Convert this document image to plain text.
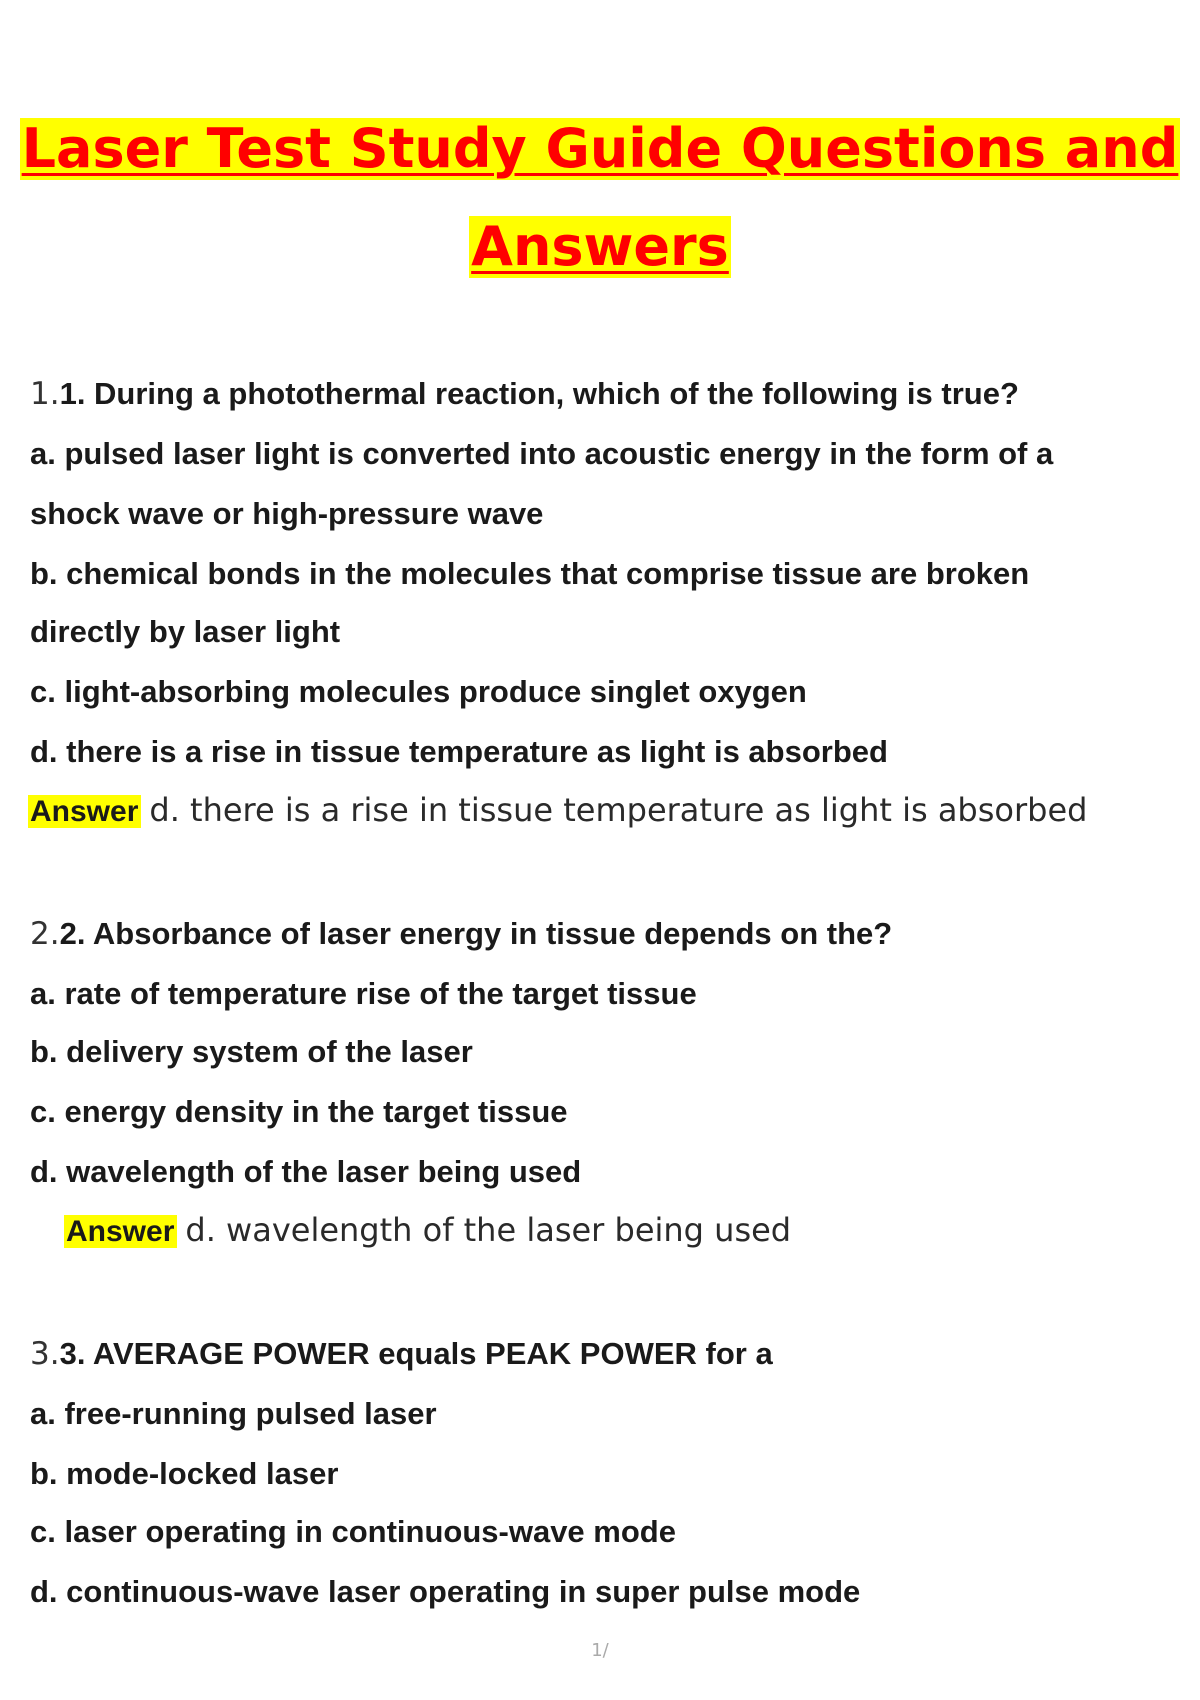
Laser Test Study Guide Questions and
Answers
1.1. During a photothermal reaction, which of the following is true?
a. pulsed laser light is converted into acoustic energy in the form of a
shock wave or high-pressure wave
b. chemical bonds in the molecules that comprise tissue are broken
directly by laser light
c. light-absorbing molecules produce singlet oxygen
d. there is a rise in tissue temperature as light is absorbed
Answer d. there is a rise in tissue temperature as light is absorbed
2.2. Absorbance of laser energy in tissue depends on the?
a. rate of temperature rise of the target tissue
b. delivery system of the laser
c. energy density in the target tissue
d. wavelength of the laser being used
Answer d. wavelength of the laser being used
3.3. AVERAGE POWER equals PEAK POWER for a
a. free-running pulsed laser
b. mode-locked laser
c. laser operating in continuous-wave mode
d. continuous-wave laser operating in super pulse mode
1/
